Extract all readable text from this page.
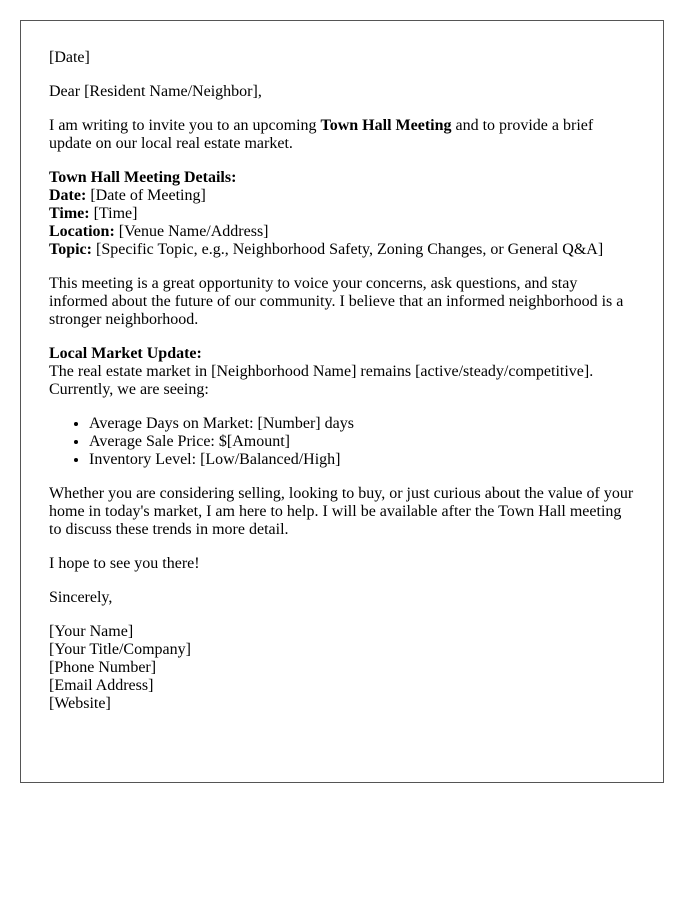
[Date]

Dear [Resident Name/Neighbor],

I am writing to invite you to an upcoming Town Hall Meeting and to provide a brief update on our local real estate market.

Town Hall Meeting Details:
Date: [Date of Meeting]
Time: [Time]
Location: [Venue Name/Address]
Topic: [Specific Topic, e.g., Neighborhood Safety, Zoning Changes, or General Q&A]

This meeting is a great opportunity to voice your concerns, ask questions, and stay informed about the future of our community. I believe that an informed neighborhood is a stronger neighborhood.

Local Market Update:
The real estate market in [Neighborhood Name] remains [active/steady/competitive]. Currently, we are seeing:

• Average Days on Market: [Number] days
• Average Sale Price: $[Amount]
• Inventory Level: [Low/Balanced/High]

Whether you are considering selling, looking to buy, or just curious about the value of your home in today's market, I am here to help. I will be available after the Town Hall meeting to discuss these trends in more detail.

I hope to see you there!

Sincerely,

[Your Name]
[Your Title/Company]
[Phone Number]
[Email Address]
[Website]
